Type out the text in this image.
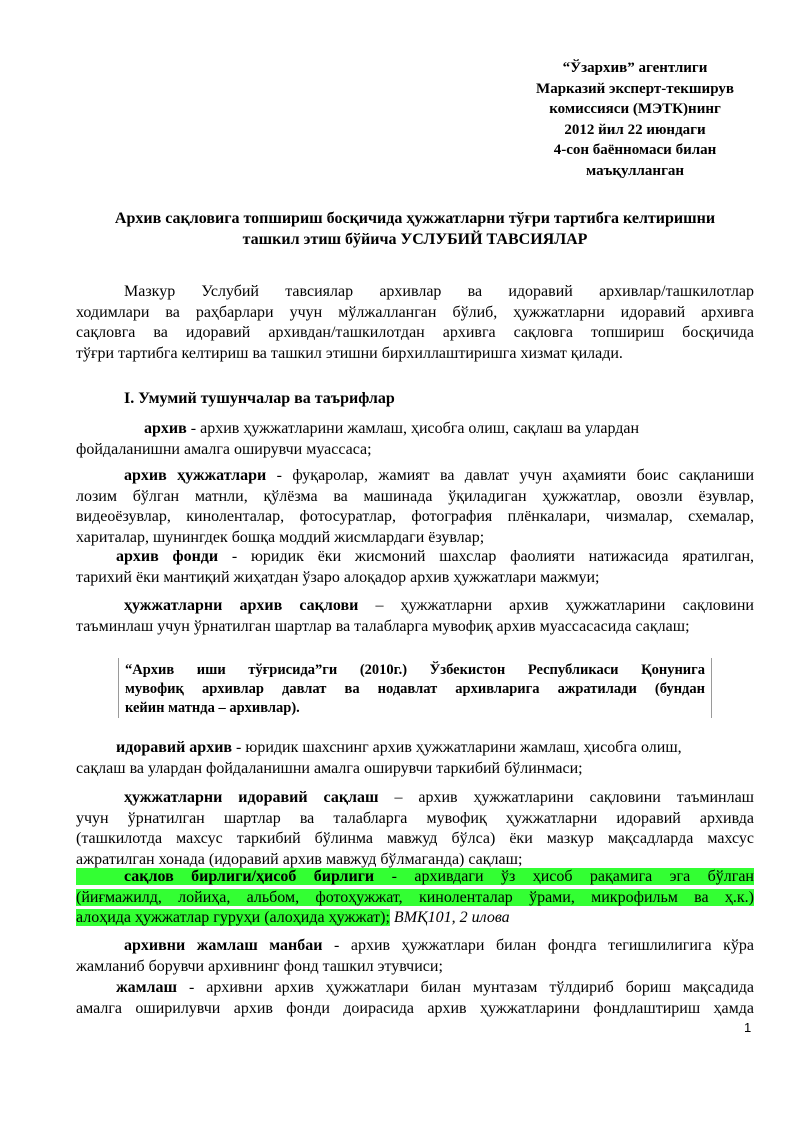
“Ўзархив” агентлиги
Марказий эксперт-текширув
комиссияси (МЭТК)нинг
2012 йил 22 июндаги
4-сон баённомаси билан
маъқулланган
Архив сақловига топшириш босқичида ҳужжатларни тўғри тартибга келтиришни
ташкил этиш бўйича УСЛУБИЙ ТАВСИЯЛАР
Мазкур Услубий тавсиялар архивлар ва идоравий архивлар/ташкилотлар
ходимлари ва раҳбарлари учун мўлжалланган бўлиб, ҳужжатларни идоравий архивга
сақловга ва идоравий архивдан/ташкилотдан архивга сақловга топшириш босқичида
тўғри тартибга келтириш ва ташкил этишни бирхиллаштиришга хизмат қилади.
I. Умумий тушунчалар ва таърифлар
архив - архив ҳужжатларини жамлаш, ҳисобга олиш, сақлаш ва улардан
фойдаланишни амалга оширувчи муассаса;
архив ҳужжатлари - фуқаролар, жамият ва давлат учун аҳамияти боис сақланиши
лозим бўлган матнли, қўлёзма ва машинада ўқиладиган ҳужжатлар, овозли ёзувлар,
видеоёзувлар, киноленталар, фотосуратлар, фотография плёнкалари, чизмалар, схемалар,
хариталар, шунингдек бошқа моддий жисмлардаги ёзувлар;
архив фонди - юридик ёки жисмоний шахслар фаолияти натижасида яратилган,
тарихий ёки мантиқий жиҳатдан ўзаро алоқадор архив ҳужжатлари мажмуи;
ҳужжатларни архив сақлови – ҳужжатларни архив ҳужжатларини сақловини
таъминлаш учун ўрнатилган шартлар ва талабларга мувофиқ архив муассасасида сақлаш;
“Архив иши тўғрисида”ги (2010г.) Ўзбекистон Республикаси Қонунига
мувофиқ архивлар давлат ва нодавлат архивларига ажратилади (бундан
кейин матнда – архивлар).
идоравий архив - юридик шахснинг архив ҳужжатларини жамлаш, ҳисобга олиш,
сақлаш ва улардан фойдаланишни амалга оширувчи таркибий бўлинмаси;
ҳужжатларни идоравий сақлаш – архив ҳужжатларини сақловини таъминлаш
учун ўрнатилган шартлар ва талабларга мувофиқ ҳужжатларни идоравий архивда
(ташкилотда махсус таркибий бўлинма мавжуд бўлса) ёки мазкур мақсадларда махсус
ажратилган хонада (идоравий архив мавжуд бўлмаганда) сақлаш;
сақлов бирлиги/ҳисоб бирлиги - архивдаги ўз ҳисоб рақамига эга бўлган
(йиғмажилд, лойиҳа, альбом, фотоҳужжат, киноленталар ўрами, микрофильм ва ҳ.к.)
алоҳида ҳужжатлар гуруҳи (алоҳида ҳужжат); ВМҚ101, 2 илова
архивни жамлаш манбаи - архив ҳужжатлари билан фондга тегишлилигига кўра
жамланиб борувчи архивнинг фонд ташкил этувчиси;
жамлаш - архивни архив ҳужжатлари билан мунтазам тўлдириб бориш мақсадида
амалга оширилувчи архив фонди доирасида архив ҳужжатларини фондлаштириш ҳамда
1
